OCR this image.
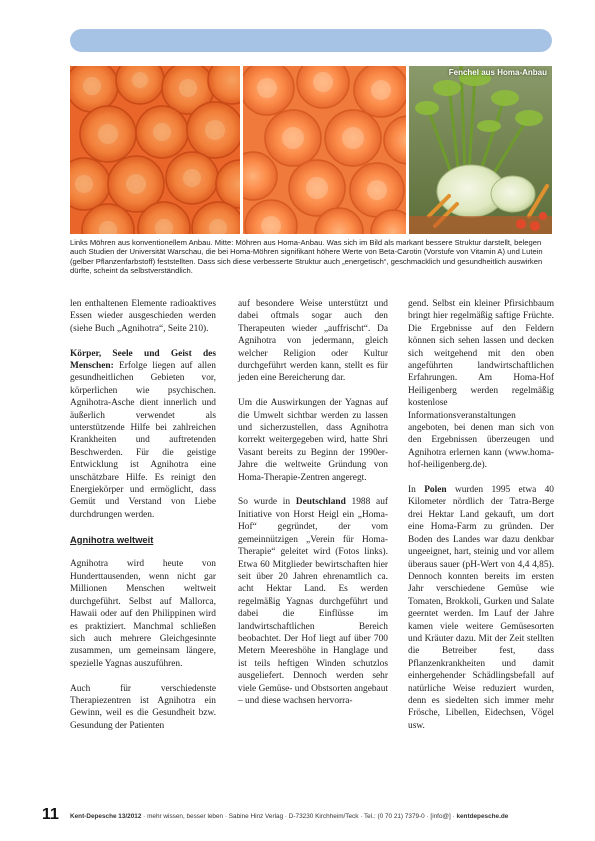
Fenchel aus Homa-Anbau
Links Möhren aus konventionellem Anbau. Mitte: Möhren aus Homa-Anbau. Was sich im Bild als markant bessere Struktur darstellt, belegen auch Studien der Universität Warschau, die bei Homa-Möhren signifikant höhere Werte von Beta-Carotin (Vorstufe von Vitamin A) und Lutein (gelber Pflanzenfarbstoff) feststellten. Dass sich diese verbesserte Struktur auch „energetisch“, geschmacklich und gesundheitlich auswirken dürfte, scheint da selbstverständlich.

len enthaltenen Elemente radioaktives Essen wieder ausgeschieden werden (siehe Buch „Agnihotra“, Seite 210).

Körper, Seele und Geist des Menschen: Erfolge liegen auf allen gesundheitlichen Gebieten vor, körperlichen wie psychischen. Agnihotra-Asche dient innerlich und äußerlich verwendet als unterstützende Hilfe bei zahlreichen Krankheiten und auftretenden Beschwerden. Für die geistige Entwicklung ist Agnihotra eine unschätzbare Hilfe. Es reinigt den Energiekörper und ermöglicht, dass Gemüt und Verstand von Liebe durchdrungen werden.

Agnihotra weltweit

Agnihotra wird heute von Hunderttausenden, wenn nicht gar Millionen Menschen weltweit durchgeführt. Selbst auf Mallorca, Hawaii oder auf den Philippinen wird es praktiziert. Manchmal schließen sich auch mehrere Gleichgesinnte zusammen, um gemeinsam längere, spezielle Yagnas auszuführen.

Auch für verschiedenste Therapiezentren ist Agnihotra ein Gewinn, weil es die Gesundheit bzw. Gesundung der Patienten

auf besondere Weise unterstützt und dabei oftmals sogar auch den Therapeuten wieder „auffrischt“. Da Agnihotra von jedermann, gleich welcher Religion oder Kultur durchgeführt werden kann, stellt es für jeden eine Bereicherung dar.

Um die Auswirkungen der Yagnas auf die Umwelt sichtbar werden zu lassen und sicherzustellen, dass Agnihotra korrekt weitergegeben wird, hatte Shri Vasant bereits zu Beginn der 1990er-Jahre die weltweite Gründung von Homa-Therapie-Zentren angeregt.

So wurde in Deutschland 1988 auf Initiative von Horst Heigl ein „Homa-Hof“ gegründet, der vom gemeinnützigen „Verein für Homa-Therapie“ geleitet wird (Fotos links). Etwa 60 Mitglieder bewirtschaften hier seit über 20 Jahren ehrenamtlich ca. acht Hektar Land. Es werden regelmäßig Yagnas durchgeführt und dabei die Einflüsse im landwirtschaftlichen Bereich beobachtet. Der Hof liegt auf über 700 Metern Meereshöhe in Hanglage und ist teils heftigen Winden schutzlos ausgeliefert. Dennoch werden sehr viele Gemüse- und Obstsorten angebaut – und diese wachsen hervorra-

gend. Selbst ein kleiner Pfirsichbaum bringt hier regelmäßig saftige Früchte. Die Ergebnisse auf den Feldern können sich sehen lassen und decken sich weitgehend mit den oben angeführten landwirtschaftlichen Erfahrungen. Am Homa-Hof Heiligenberg werden regelmäßig kostenlose Informationsveranstaltungen angeboten, bei denen man sich von den Ergebnissen überzeugen und Agnihotra erlernen kann (www.homa-hof-heiligenberg.de).

In Polen wurden 1995 etwa 40 Kilometer nördlich der Tatra-Berge drei Hektar Land gekauft, um dort eine Homa-Farm zu gründen. Der Boden des Landes war dazu denkbar ungeeignet, hart, steinig und vor allem überaus sauer (pH-Wert von 4,4 4,85). Dennoch konnten bereits im ersten Jahr verschiedene Gemüse wie Tomaten, Brokkoli, Gurken und Salate geerntet werden. Im Lauf der Jahre kamen viele weitere Gemüsesorten und Kräuter dazu. Mit der Zeit stellten die Betreiber fest, dass Pflanzenkrankheiten und damit einhergehender Schädlingsbefall auf natürliche Weise reduziert wurden, denn es siedelten sich immer mehr Frösche, Libellen, Eidechsen, Vögel usw.

11 Kent-Depesche 13/2012 · mehr wissen, besser leben · Sabine Hinz Verlag · D-73230 Kirchheim/Teck · Tel.: (0 70 21) 7379-0 · [info@] · kentdepesche.de
